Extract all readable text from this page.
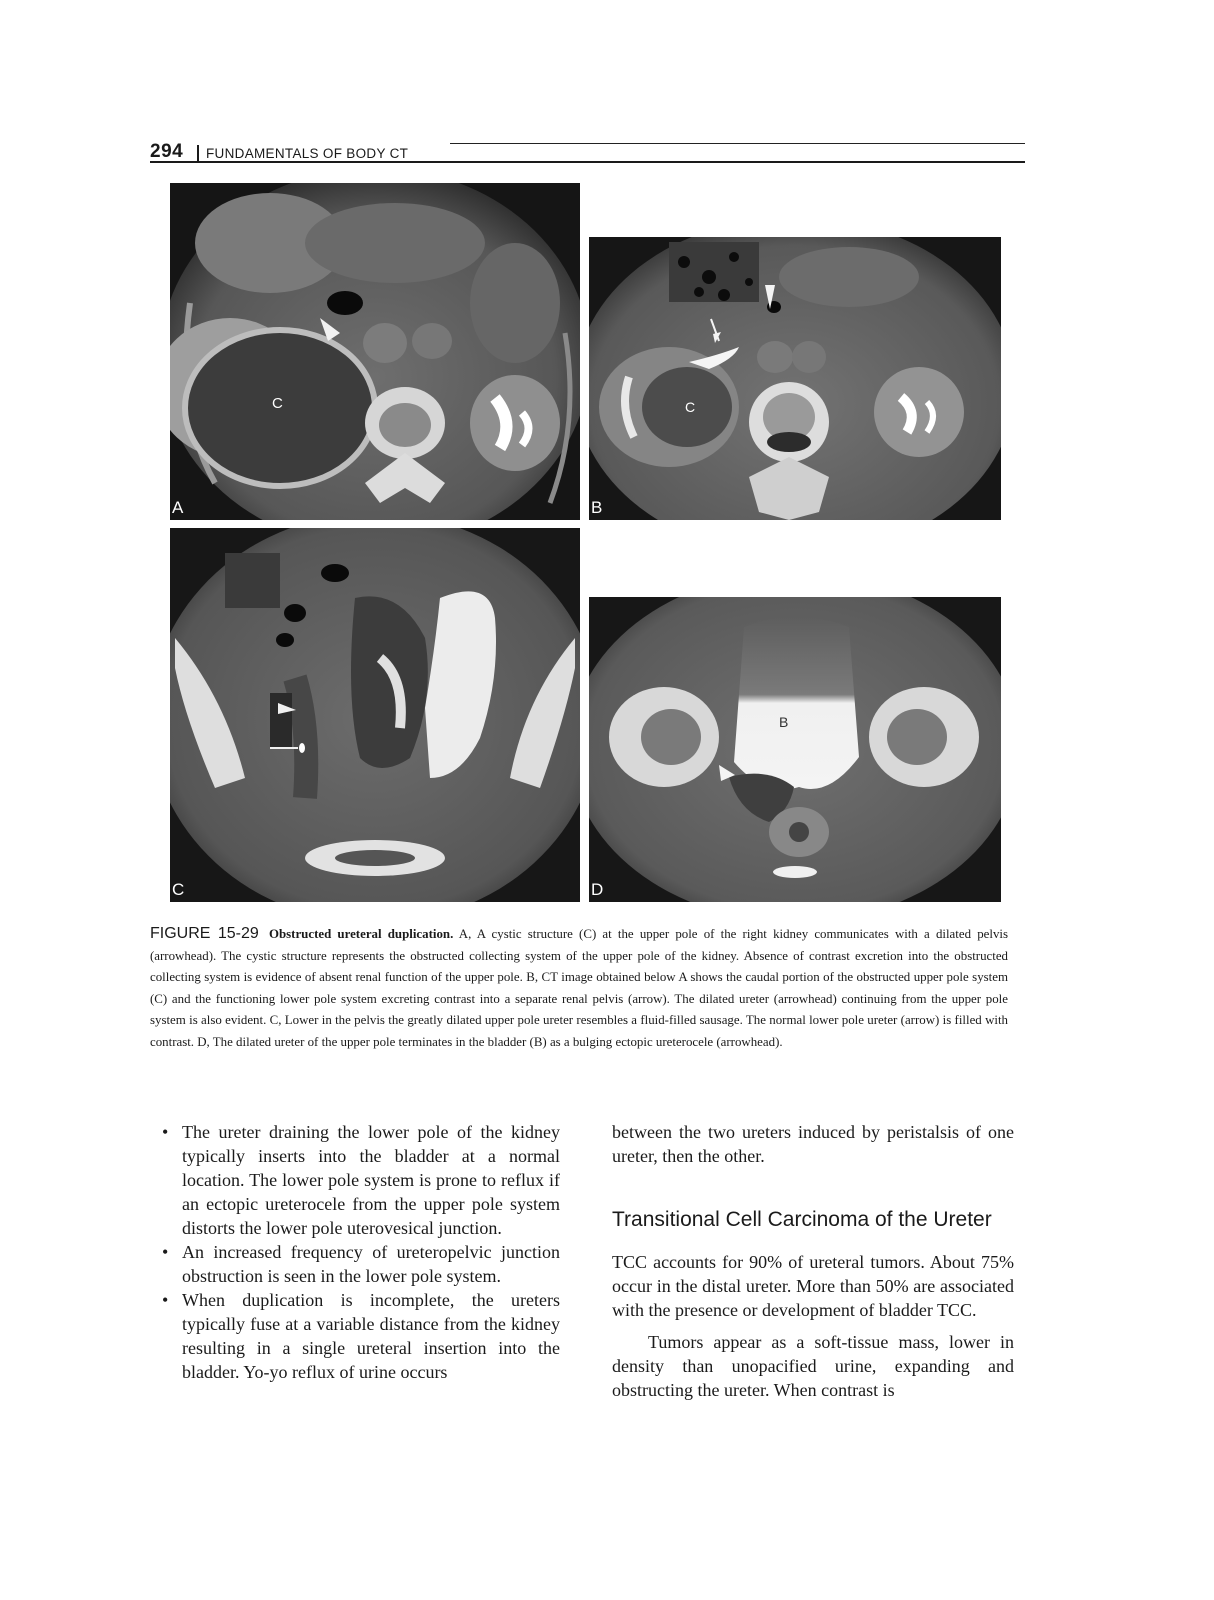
294 FUNDAMENTALS OF BODY CT
C
A
C
B
C
B
D
FIGURE 15-29 Obstructed ureteral duplication. A, A cystic structure (C) at the upper pole of the right kidney communicates with a dilated pelvis (arrowhead). The cystic structure represents the obstructed collecting system of the upper pole of the kidney. Absence of contrast excretion into the obstructed collecting system is evidence of absent renal function of the upper pole. B, CT image obtained below A shows the caudal portion of the obstructed upper pole system (C) and the functioning lower pole system excreting contrast into a separate renal pelvis (arrow). The dilated ureter (arrowhead) continuing from the upper pole system is also evident. C, Lower in the pelvis the greatly dilated upper pole ureter resembles a fluid-filled sausage. The normal lower pole ureter (arrow) is filled with contrast. D, The dilated ureter of the upper pole terminates in the bladder (B) as a bulging ectopic ureterocele (arrowhead).
• The ureter draining the lower pole of the kidney typically inserts into the bladder at a normal location. The lower pole system is prone to reflux if an ectopic ureterocele from the upper pole system distorts the lower pole uterovesical junction.
• An increased frequency of ureteropelvic junction obstruction is seen in the lower pole system.
• When duplication is incomplete, the ureters typically fuse at a variable distance from the kidney resulting in a single ureteral insertion into the bladder. Yo-yo reflux of urine occurs

between the two ureters induced by peristalsis of one ureter, then the other.

Transitional Cell Carcinoma of the Ureter

TCC accounts for 90% of ureteral tumors. About 75% occur in the distal ureter. More than 50% are associated with the presence or development of bladder TCC.

Tumors appear as a soft-tissue mass, lower in density than unopacified urine, expanding and obstructing the ureter. When contrast is
